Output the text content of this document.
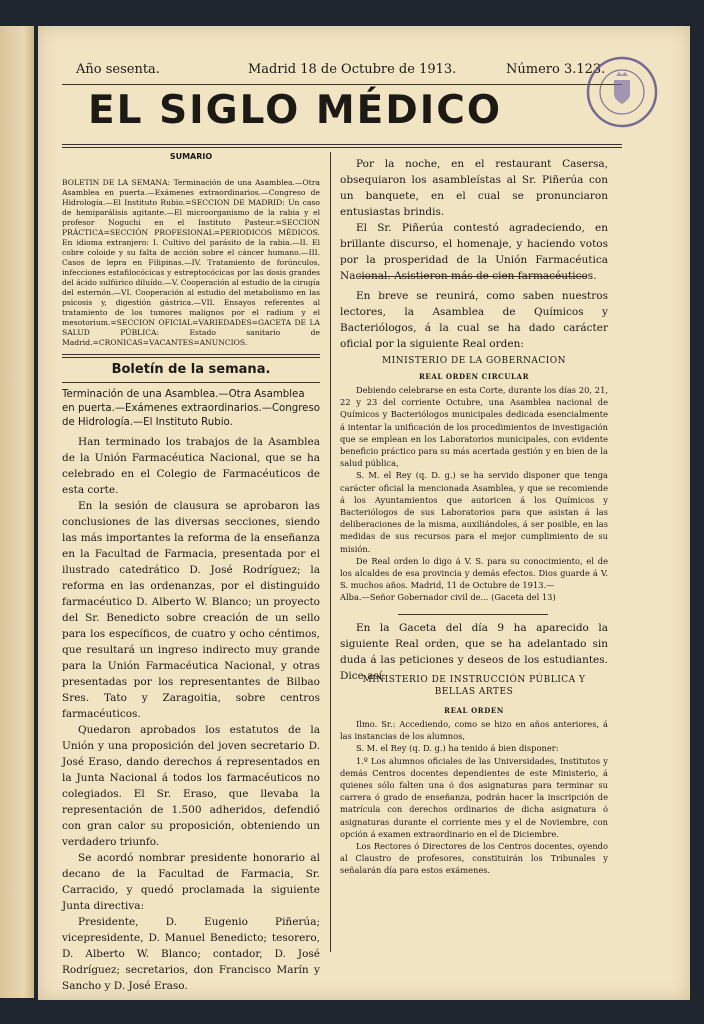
Año sesenta.	Madrid 18 de Octubre de 1913.	Número 3.123.
EL SIGLO MÉDICO
SUMARIO
BOLETIN DE LA SEMANA: Terminación de una Asamblea.—Otra Asamblea en puerta.—Exámenes extraordinarios.—Congreso de Hidrología.—El Instituto Rubio.=SECCION DE MADRID: Un caso de hemiparálisis agitante.—El microorganismo de la rabia y el profesor Noguchi en el Instituto Pasteur.=SECCION PRÁCTICA=SECCIÓN PROFESIONAL=PERIODICOS MÉDICOS. En idioma extranjero: I. Cultivo del parásito de la rabia.—II. El cobre coloide y su falta de acción sobre el cáncer humano.—III. Casos de lepra en Filipinas.—IV. Tratamiento de forúnculos, infecciones estafilocócicas y estreptocócicas por las dosis grandes del ácido sulfúrico diluído.—V. Cooperación al estudio de la cirugía del esternón.—VI. Cooperación al estudio del metabolismo en las psicosis y, digestión gástrica.—VII. Ensayos referentes al tratamiento de los tumores malignos por el radium y el mesotorium.=SECCION OFICIAL=VARIEDADES=GACETA DE LA SALUD PÚBLICA: Estado sanitario de Madrid.=CRONICAS=VACANTES=ANUNCIOS.
Boletín de la semana.
Terminación de una Asamblea.—Otra Asamblea en puerta.—Exámenes extraordinarios.—Congreso de Hidrología.—El Instituto Rubio.

Han terminado los trabajos de la Asamblea de la Unión Farmacéutica Nacional, que se ha celebrado en el Colegio de Farmacéuticos de esta corte.

En la sesión de clausura se aprobaron las conclusiones de las diversas secciones, siendo las más importantes la reforma de la enseñanza en la Facultad de Farmacia, presentada por el ilustrado catedrático D. José Rodríguez; la reforma en las ordenanzas, por el distinguido farmacéutico D. Alberto W. Blanco; un proyecto del Sr. Benedicto sobre creación de un sello para los específicos, de cuatro y ocho céntimos, que resultará un ingreso indirecto muy grande para la Unión Farmacéutica Nacional, y otras presentadas por los representantes de Bilbao Sres. Tato y Zaragoitia, sobre centros farmacéuticos.

Quedaron aprobados los estatutos de la Unión y una proposición del joven secretario D. José Eraso, dando derechos á representados en la Junta Nacional á todos los farmacéuticos no colegiados. El Sr. Eraso, que llevaba la representación de 1.500 adheridos, defendió con gran calor su proposición, obteniendo un verdadero triunfo.

Se acordó nombrar presidente honorario al decano de la Facultad de Farmacia, Sr. Carracido, y quedó proclamada la siguiente Junta directiva:

Presidente, D. Eugenio Piñerúa; vicepresidente, D. Manuel Benedicto; tesorero, D. Alberto W. Blanco; contador, D. José Rodríguez; secretarios, don Francisco Marín y Sancho y D. José Eraso.

Por la noche, en el restaurant Casersa, obsequiaron los asambleístas al Sr. Piñerúa con un banquete, en el cual se pronunciaron entusiastas brindis.

El Sr. Piñerúa contestó agradeciendo, en brillante discurso, el homenaje, y haciendo votos por la prosperidad de la Unión Farmacéutica Nacional. Asistieron más de cien farmacéuticos.

En breve se reunirá, como saben nuestros lectores, la Asamblea de Químicos y Bacteriólogos, á la cual se ha dado carácter oficial por la siguiente Real orden:

MINISTERIO DE LA GOBERNACION
REAL ORDEN CIRCULAR

Debiendo celebrarse en esta Corte, durante los días 20, 21, 22 y 23 del corriente Octubre, una Asamblea nacional de Químicos y Bacteriólogos municipales dedicada esencialmente á intentar la unificación de los procedimientos de investigación que se emplean en los Laboratorios municipales, con evidente beneficio práctico para su más acertada gestión y en bien de la salud pública,

S. M. el Rey (q. D. g.) se ha servido disponer que tenga carácter oficial la mencionada Asamblea, y que se recomiende á los Ayuntamientos que autoricen á los Químicos y Bacteriólogos de sus Laboratorios para que asistan á las deliberaciones de la misma, auxiliándoles, á ser posible, en las medidas de sus recursos para el mejor cumplimiento de su misión.

De Real orden lo digo á V. S. para su conocimiento, el de los alcaldes de esa provincia y demás efectos. Dios guarde á V. S. muchos años. Madrid, 11 de Octubre de 1913.—

Alba.—Señor Gobernador civil de... (Gaceta del 13)

En la Gaceta del día 9 ha aparecido la siguiente Real orden, que se ha adelantado sin duda á las peticiones y deseos de los estudiantes. Dice así:

MINISTERIO DE INSTRUCCIÓN PÚBLICA Y BELLAS ARTES
REAL ORDEN

Ilmo. Sr.: Accediendo, como se hizo en años anteriores, á las instancias de los alumnos,

S. M. el Rey (q. D. g.) ha tenido á bien disponer:

1.º Los alumnos oficiales de las Universidades, Institutos y demás Centros docentes dependientes de este Ministerio, á quienes sólo falten una ó dos asignaturas para terminar su carrera ó grado de enseñanza, podrán hacer la inscripción de matrícula con derechos ordinarios de dicha asignatura ó asignaturas durante el corriente mes y el de Noviembre, con opción á examen extraordinario en el de Diciembre.

Los Rectores ó Directores de los Centros docentes, oyendo al Claustro de profesores, constituirán los Tribunales y señalarán día para estos exámenes.
